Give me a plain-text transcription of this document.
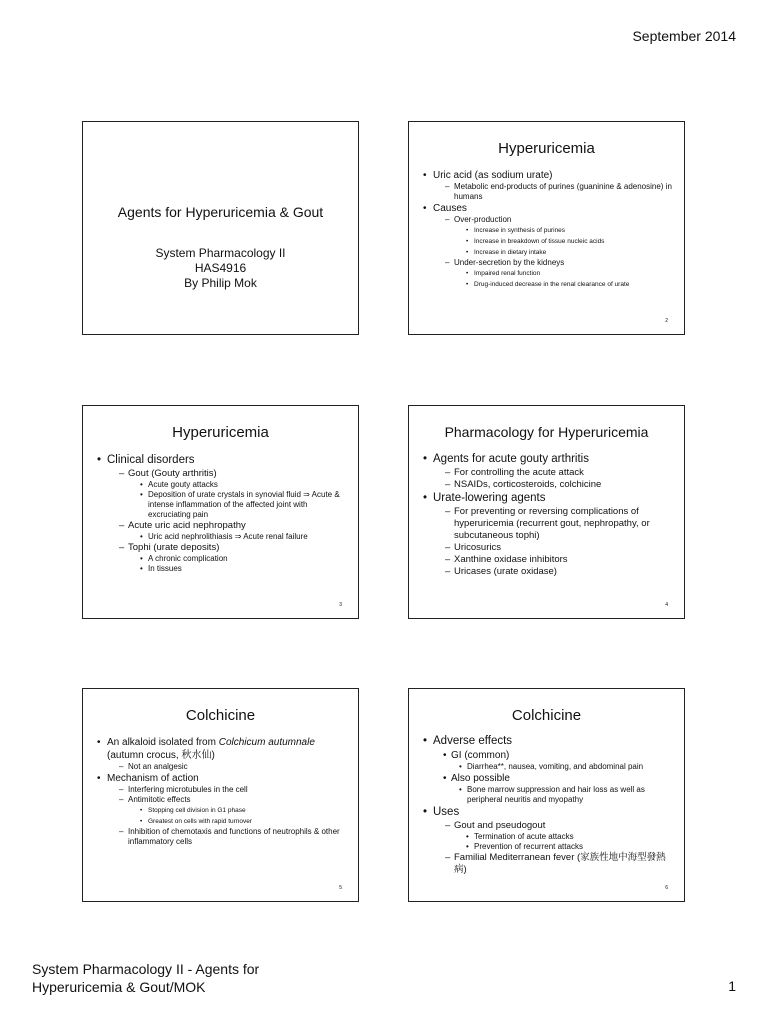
September 2014
Agents for Hyperuricemia & Gout
System Pharmacology II
HAS4916
By Philip Mok
Hyperuricemia
• Uric acid (as sodium urate)
– Metabolic end-products of purines (guaninine & adenosine) in humans
• Causes
– Over-production
• Increase in synthesis of purines
• Increase in breakdown of tissue nucleic acids
• Increase in dietary intake
– Under-secretion by the kidneys
• Impaired renal function
• Drug-induced decrease in the renal clearance of urate
2
Hyperuricemia
• Clinical disorders
– Gout (Gouty arthritis)
• Acute gouty attacks
• Deposition of urate crystals in synovial fluid ⇒ Acute & intense inflammation of the affected joint with excruciating pain
– Acute uric acid nephropathy
• Uric acid nephrolithiasis ⇒ Acute renal failure
– Tophi (urate deposits)
• A chronic complication
• In tissues
3
Pharmacology for Hyperuricemia
• Agents for acute gouty arthritis
– For controlling the acute attack
– NSAIDs, corticosteroids, colchicine
• Urate-lowering agents
– For preventing or reversing complications of hyperuricemia (recurrent gout, nephropathy, or subcutaneous tophi)
– Uricosurics
– Xanthine oxidase inhibitors
– Uricases (urate oxidase)
4
Colchicine
• An alkaloid isolated from Colchicum autumnale (autumn crocus, 秋水仙)
– Not an analgesic
• Mechanism of action
– Interfering microtubules in the cell
– Antimitotic effects
• Stopping cell division in G1 phase
• Greatest on cells with rapid turnover
– Inhibition of chemotaxis and functions of neutrophils & other inflammatory cells
5
Colchicine
• Adverse effects
• GI (common)
• Diarrhea**, nausea, vomiting, and abdominal pain
• Also possible
• Bone marrow suppression and hair loss as well as peripheral neuritis and myopathy
• Uses
– Gout and pseudogout
• Termination of acute attacks
• Prevention of recurrent attacks
– Familial Mediterranean fever (家族性地中海型發熱病)
6
System Pharmacology II - Agents for
Hyperuricemia & Gout/MOK	1
